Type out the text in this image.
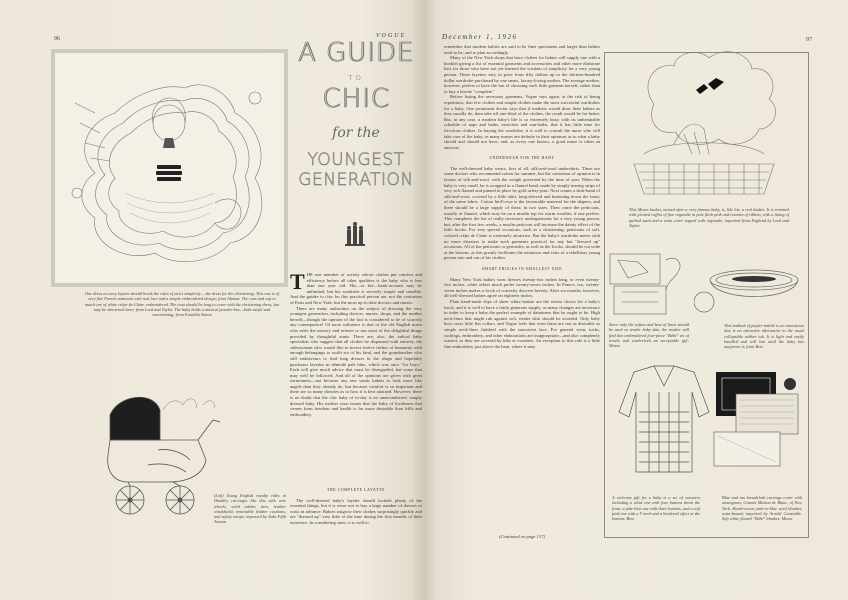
96	VOGUE
One dress in every layette should break the rules of strict simplicity —the dress for the christening. This one is of very fine French nainsook with real lace and a simple embroidered design; from Altman. The coat and cap to match are of white crêpe de Chine, embroidered. The coat should be long to cover with the christening dress, but may be shortened later; from Lord and Taylor. The baby holds a musical powder-box—both useful and entertaining; from Franklin Simon
(Left) Young English royalty rides in Dunkley carriages like this with wire wheels, solid rubber tires, leather windshield, removable leather cushions, and safety straps; imported by Saks-Fifth Avenue
A GUIDE
TO
CHIC
for the
YOUNGEST
GENERATION

THE one member of society whose clothes put comfort and efficiency before all other qualities is the baby who is less than one year old. His—or her—bank-account may be unlimited, but his wardrobe is severely simple and sensible. And the guides to chic for this practical person are, not the couturiers of Paris and New York, but the most up-to-date doctors and nurses.

There are many authorities on the subject of dressing the very youngest generation, including doctors, nurses, shops, and the mother herself—though the opinion of the last is considered to be of scarcely any consequence! Of more influence is that of the old English nurse who rules the nursery and refuses to use most of the delightful things provided by thoughtful aunts. There are, also, the radical baby specialists who suggest that all clothes be dispensed with entirely, the saleswoman who would like to invest twelve inches of humanity with enough belongings to outfit six of his kind, and the grandmother who still endeavours to find long dresses in the shops and hopefully purchases layettes in démodé pale blue, which was once "for boys." Each will give much advice that must be disregarded, but some that may well be followed. And all of the opinions are given with great earnestness—not because any one wants babies to look more like angels than they already do, but because comfort is so important and there are so many theories as to how it is best attained. However, there is no doubt that the chic baby of to-day is an unencumbered, simply dressed baby. His mother soon learns that the baby of loveliness that comes from freedom and health is far more desirable than frills and embroidery.

THE COMPLETE LAYETTE

The well-dressed baby's layette should include plenty of the essential things, but it is wiser not to buy a large number of dresses or coats in advance. Babies outgrow their clothes surprisingly quickly and are "dressed up" very little of the time during the first months of their existence. In considering sizes, it is well to

December 1, 1926	97

remember that modern babies are said to be finer specimens and larger than babies used to be, and to plan accordingly.

Many of the New York shops that have clothes for babies will supply one with a booklet giving a list of essential garments and accessories and other more elaborate lists for those who have not yet learned the wisdom of simplicity for a very young person. These layettes vary in price from fifty dollars up to the thirteen-hundred dollar wardrobe purchased by one smart, luxury-loving mother. The average mother, however, prefers to have the fun of choosing each little garment herself, rather than to buy a layette "complete."

Before listing the necessary garments, Vogue says again, at the risk of being repetitious, that few clothes and simple clothes make the most successful wardrobes for a baby. One prominent doctor says that if mothers would draw their babies as they usually do, then take off one-third of the clothes, the result would be far better. But, in any case, a modern baby's life is so extremely busy, with its unbreakable schedule of naps and baths, exercises and sun-baths, that it has little time for frivolous clothes. In buying the wardrobe, it is well to consult the nurse who will take care of the baby, as many nurses are definite in their opinions as to what a baby should and should not have, and, as every one knows, a good nurse is often an autocrat.

UNDERWEAR FOR THE BABY

The well-dressed baby wears, first of all, silk-and-wool undershirts. There are some doctors who recommend cotton for summer, but the consensus of opinion is in favour of silk-and-wool, with the weight governed by the time of year. When the baby is very small, he is wrapped in a flannel band, made by simply tearing strips of very soft flannel and pinned in place by gold safety-pins. Next comes a shirt-band of silk-and-wool, covered by a little shirt, long-sleeved and buttoning down the front, of the same fabric. Cotton bird's-eye is the favourable material for the diapers, and there should be a large supply of these, in two sizes. Then come the petticoats, usually of flannel, which may be on a muslin top for warm weather, if one prefers. This completes the list of really necessary undergarments for a very young person, but, after the first few weeks, a muslin petticoat will increase the dainty effect of the little frocks. For very special occasions, such as a christening, petticoats of soft, colored crêpe de Chine is extremely attractive. But the baby's wardrobe meets with no more disasters to make such garments practical for any but "dressed up" occasions. All of the petticoats or gertrudes, as well as the frocks, should be cut wide at the bottom, as this greatly facilitates the entrances and exits of a rebellious young person into and out of his clothes.

SMART FROCKS IN SMALLEST SIZE

Many New York babies wear dresses twenty-two inches long, or even twenty-five inches, while others much prefer twenty-seven inches. In France, too, twenty-seven inches makes a frock of correctly discreet brevity. After six months, however, all well-dressed babies agree on eighteen inches.

Plain hand-made slips of sheer white batiste are the wisest choice for a baby's frock, and it is well to have a fairly generous supply, as many changes are necessary in order to keep a baby the perfect example of daintiness that he ought to be. High neck-lines that might rub against soft, tender skin should be avoided. Only baby boys wear little flat collars, and Vogue feels that even these are not as desirable as simple neck-lines finished with the narrowest lace. For general wear, tucks, ruchings, embroidery, and other elaborations are inappropriate—and also completely wasted, as they are covered by bibs or sweaters. An exception to this rule is a little fine embroidery just above the hem, where it may

(Continued on page 137)
This Moses basket, named after a very famous baby, is, like his, a real basket. It is trimmed with picoted ruffles of fine organdie in pale flesh pink and rosettes of ribbon, with a lining of quilted satin and a satin cover topped with organdie; imported from England by Lord and Taylor
Since only the softest and best of linen should be used on tender baby skin, the mother will find this embroidered four-piece "Bébé" set of towels and wash-cloth an acceptable gift; Mosse
This bathtub of papier-mâché is an innovation that is an attractive alternative to the usual collapsible rubber tub. It is light and easily handled and will last until the baby has outgrown it; from Best
A welcome gift for a baby is a set of sweaters including a white one with four buttons down the front, a pale blue one with three buttons, and a soft pink one with a V neck and a bordered effect at the bottom; Best
Blue and tan broadcloth carriage cover with monogram; Grande Maison de Blanc, of New York. Hand-woven pink-or-blue wool blanket, satin-bound; imported by Arnold Constable. Soft white flannel "Bébé" blanket; Mosse
